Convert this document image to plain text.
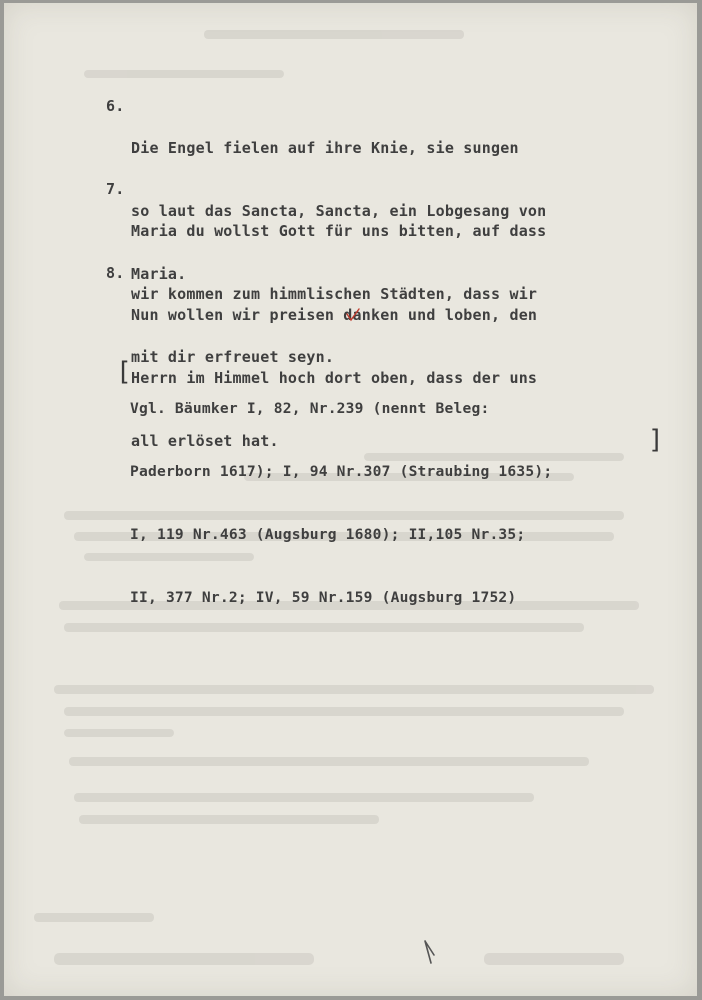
6.

Die Engel fielen auf ihre Knie, sie sungen

so laut das Sancta, Sancta, ein Lobgesang von

Maria.

7.

Maria du wollst Gott für uns bitten, auf dass

wir kommen zum himmlischen Städten, dass wir

mit dir erfreuet seyn.

8.

Nun wollen wir preisen danken und loben, den

Herrn im Himmel hoch dort oben, dass der uns

all erlöset hat.

[

Vgl. Bäumker I, 82, Nr.239 (nennt Beleg:

Paderborn 1617); I, 94 Nr.307 (Straubing 1635);

I, 119 Nr.463 (Augsburg 1680); II,105 Nr.35;

II, 377 Nr.2; IV, 59 Nr.159 (Augsburg 1752)

]
